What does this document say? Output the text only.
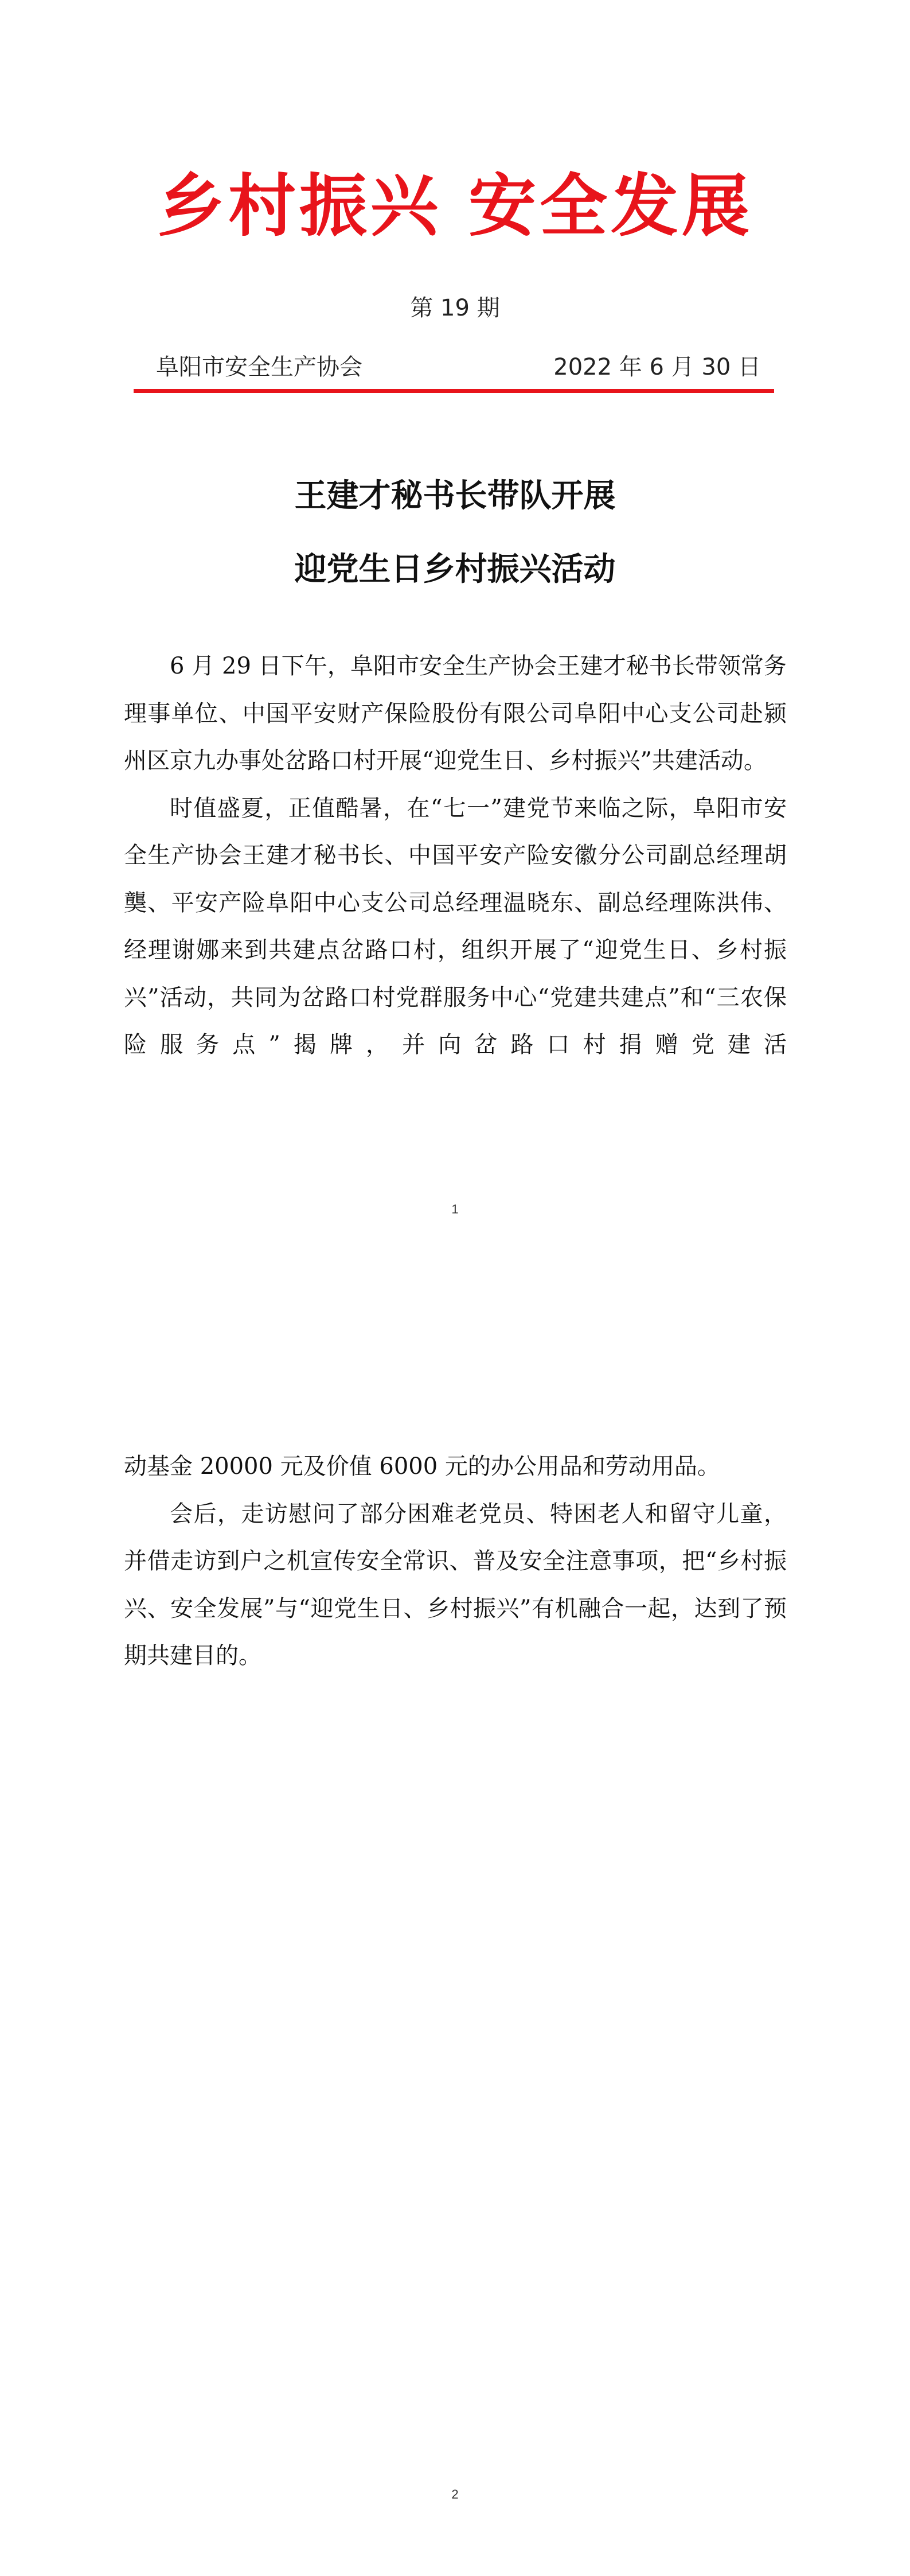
乡村振兴 安全发展
第 19 期
阜阳市安全生产协会	2022 年 6 月 30 日
王建才秘书长带队开展
迎党生日乡村振兴活动

6 月 29 日下午，阜阳市安全生产协会王建才秘书长带领常务理事单位、中国平安财产保险股份有限公司阜阳中心支公司赴颍州区京九办事处岔路口村开展“迎党生日、乡村振兴”共建活动。

时值盛夏，正值酷暑，在“七一”建党节来临之际，阜阳市安全生产协会王建才秘书长、中国平安产险安徽分公司副总经理胡龑、平安产险阜阳中心支公司总经理温晓东、副总经理陈洪伟、经理谢娜来到共建点岔路口村，组织开展了“迎党生日、乡村振兴”活动，共同为岔路口村党群服务中心“党建共建点”和“三农保险服务点”揭牌，并向岔路口村捐赠党建活

1

动基金 20000 元及价值 6000 元的办公用品和劳动用品。

会后，走访慰问了部分困难老党员、特困老人和留守儿童，并借走访到户之机宣传安全常识、普及安全注意事项，把“乡村振兴、安全发展”与“迎党生日、乡村振兴”有机融合一起，达到了预期共建目的。

2
